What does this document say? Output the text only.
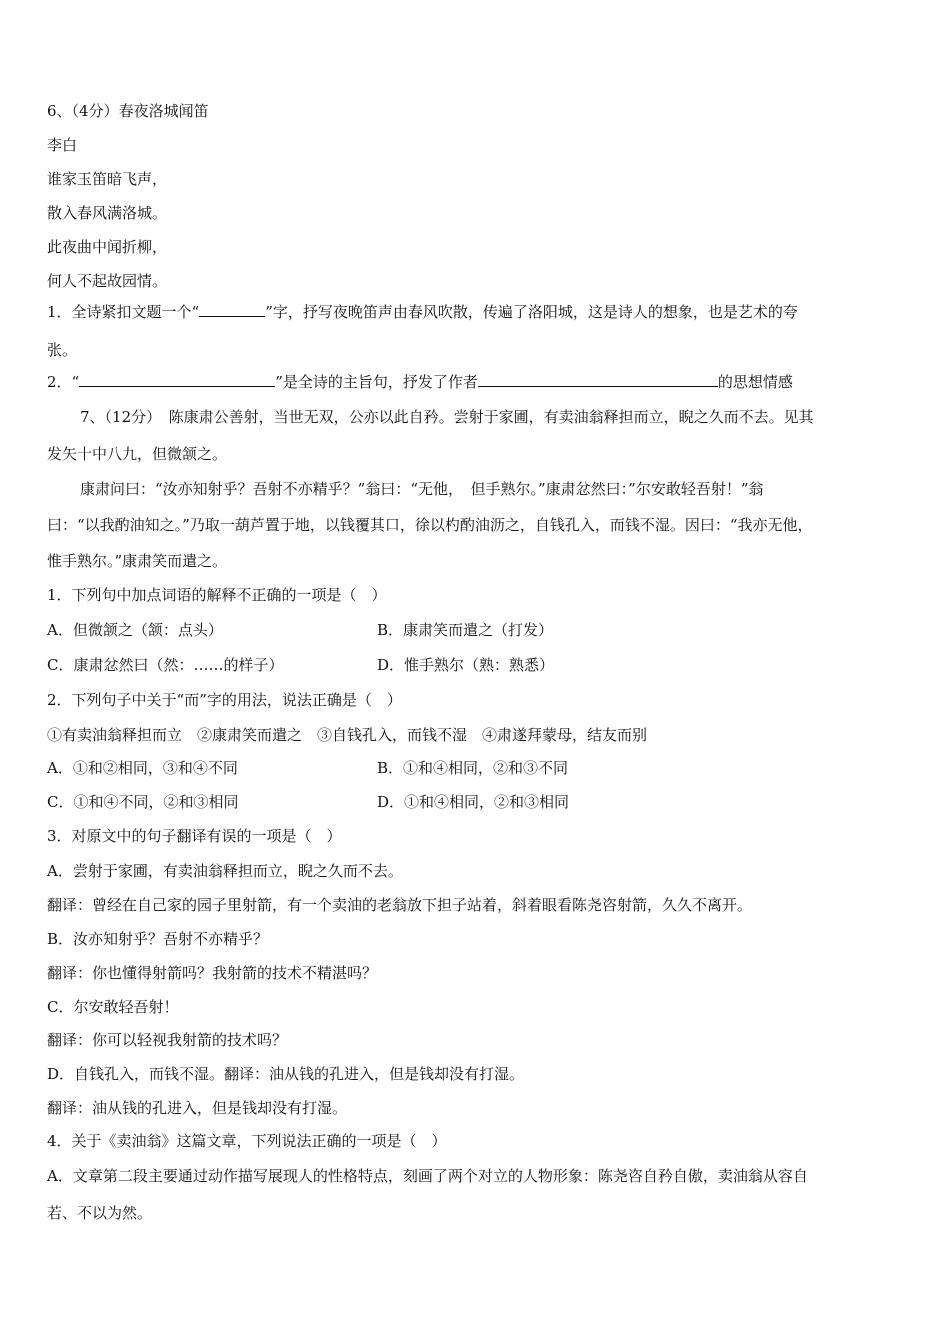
6、（4分）春夜洛城闻笛
李白
谁家玉笛暗飞声，
散入春风满洛城。
此夜曲中闻折柳，
何人不起故园情。
1．全诗紧扣文题一个“	”字，抒写夜晚笛声由春风吹散，传遍了洛阳城，这是诗人的想象，也是艺术的夸
张。
2．“	”是全诗的主旨句，抒发了作者	的思想情感
7、（12分）　陈康肃公善射，当世无双，公亦以此自矜。尝射于家圃，有卖油翁释担而立，睨之久而不去。见其
发矢十中八九，但微颔之。
康肃问曰：“汝亦知射乎？吾射不亦精乎？”翁曰：“无他，　但手熟尔。”康肃忿然曰：”尔安敢轻吾射！”翁
曰：“以我酌油知之。”乃取一葫芦置于地，以钱覆其口，徐以杓酌油沥之，自钱孔入，而钱不湿。因曰：“我亦无他，
惟手熟尔。”康肃笑而遣之。
1．下列句中加点词语的解释不正确的一项是（　）
A．但微颔之（颔：点头）	B．康肃笑而遣之（打发）
C．康肃忿然曰（然：……的样子）	D．惟手熟尔（熟：熟悉）
2．下列句子中关于“而”字的用法，说法正确是（　）
①有卖油翁释担而立　②康肃笑而遣之　③自钱孔入，而钱不湿　④肃遂拜蒙母，结友而别
A．①和②相同，③和④不同	B．①和④相同，②和③不同
C．①和④不同，②和③相同	D．①和④相同，②和③相同
3．对原文中的句子翻译有误的一项是（　）
A．尝射于家圃，有卖油翁释担而立，睨之久而不去。
翻译：曾经在自己家的园子里射箭，有一个卖油的老翁放下担子站着，斜着眼看陈尧咨射箭，久久不离开。
B．汝亦知射乎？吾射不亦精乎？
翻译：你也懂得射箭吗？我射箭的技术不精湛吗？
C．尔安敢轻吾射！
翻译：你可以轻视我射箭的技术吗？
D．自钱孔入，而钱不湿。翻译：油从钱的孔进入，但是钱却没有打湿。
翻译：油从钱的孔进入，但是钱却没有打湿。
4．关于《卖油翁》这篇文章，下列说法正确的一项是（　）
A．文章第二段主要通过动作描写展现人的性格特点，刻画了两个对立的人物形象：陈尧咨自矜自傲，卖油翁从容自
若、不以为然。
